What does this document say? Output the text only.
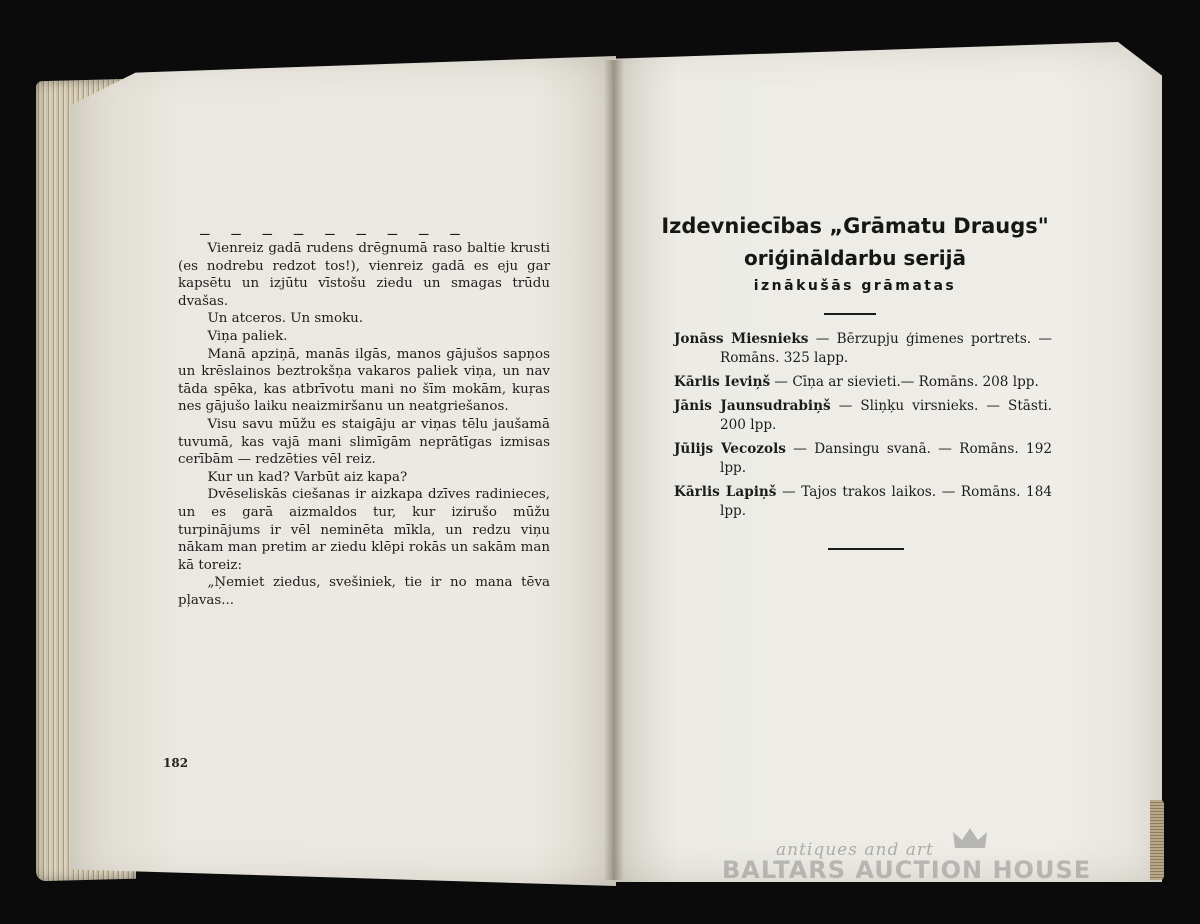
— — — — — — — — —

Vienreiz gadā rudens drēgnumā raso baltie krusti (es nodrebu redzot tos!), vienreiz gadā es eju gar kapsētu un izjūtu vīstošu ziedu un smagas trūdu dvašas.

Un atceros. Un smoku.

Viņa paliek.

Manā apziņā, manās ilgās, manos gājušos sapņos un krēslainos beztrokšņa vakaros paliek viņa, un nav tāda spēka, kas atbrīvotu mani no šīm mokām, kuŗas nes gājušo laiku neaizmiršanu un neatgriešanos.

Visu savu mūžu es staigāju ar viņas tēlu jaušamā tuvumā, kas vajā mani slimīgām neprātīgas izmisas cerībām — redzēties vēl reiz.

Kur un kad? Varbūt aiz kapa?

Dvēseliskās ciešanas ir aizkapa dzīves radinieces, un es garā aizmaldos tur, kur izirušo mūžu turpinājums ir vēl neminēta mīkla, un redzu viņu nākam man pretim ar ziedu klēpi rokās un sakām man kā toreiz:

„Ņemiet ziedus, svešiniek, tie ir no mana tēva pļavas...

182
Izdevniecības „Grāmatu Draugs"
oriģināldarbu serijā
iznākušās grāmatas

Jonāss Miesnieks — Bērzupju ģimenes portrets. — Romāns. 325 lapp.

Kārlis Ieviņš — Cīņa ar sievieti.— Romāns. 208 lpp.

Jānis Jaunsudrabiņš — Sliņķu virsnieks. — Stāsti. 200 lpp.

Jūlijs Vecozols — Dansingu svanā. — Romāns. 192 lpp.

Kārlis Lapiņš — Tajos trakos laikos. — Romāns. 184 lpp.

antiques and art
BALTARS AUCTION HOUSE
